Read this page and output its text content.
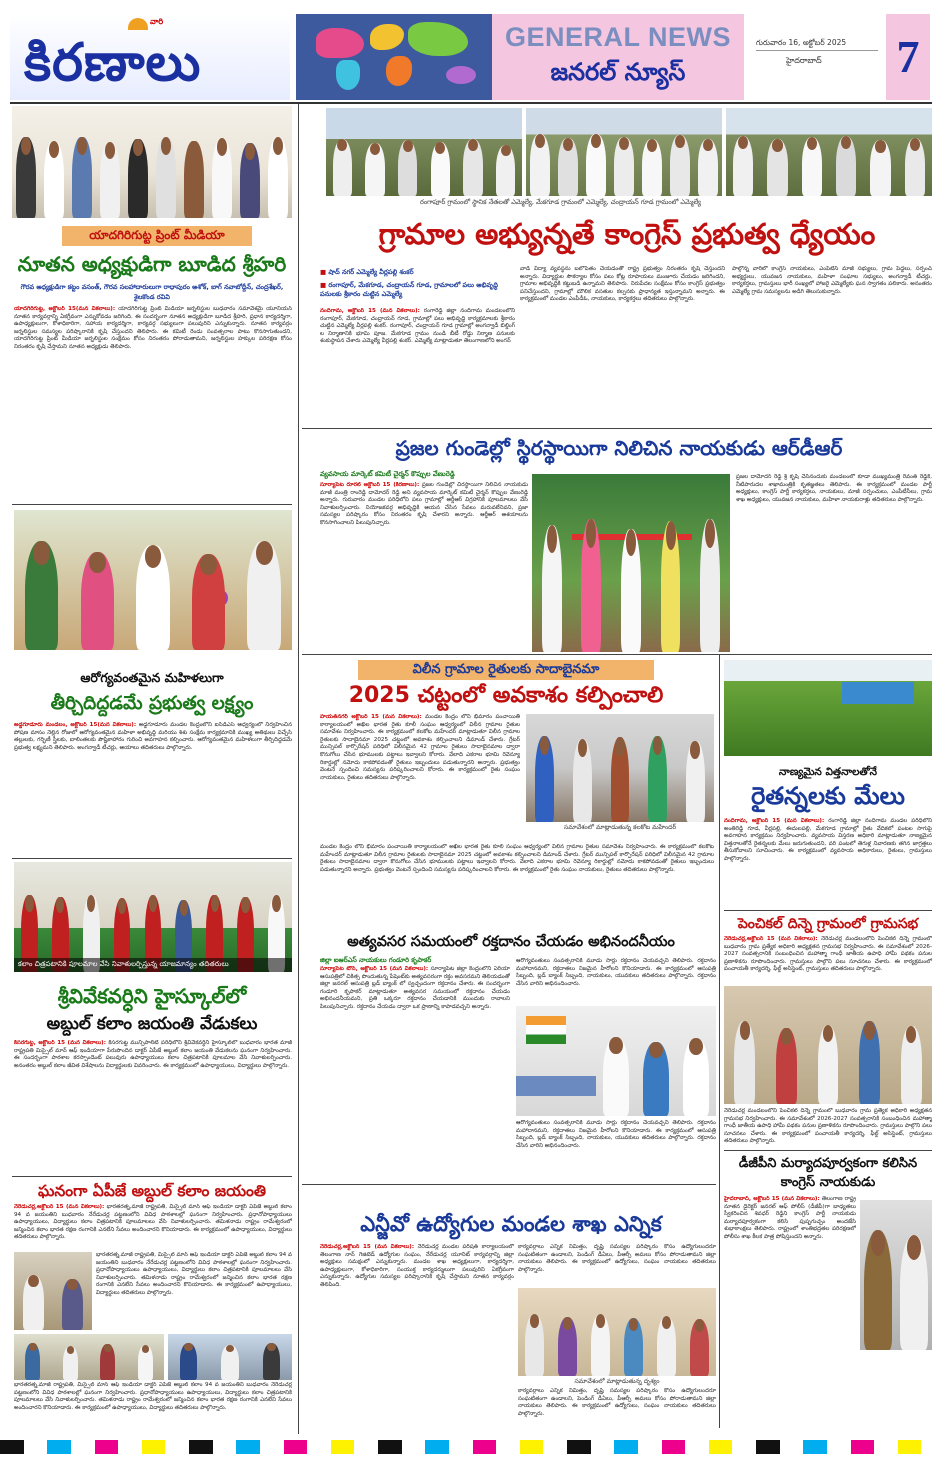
వారి
కిరణాలు	GENERAL NEWS
జనరల్ న్యూస్
గురువారం 16, అక్టోబర్ 2025
హైదరాబాద్ 7
రంగాపూర్ గ్రామంలో స్థానిక నేతలతో ఎమ్మెల్యే, మేకగూడ గ్రామంలో ఎమ్మెల్యే, చంద్రాయన్ గూడ గ్రామంలో ఎమ్మెల్యే
గ్రామాల అభ్యున్నతే కాంగ్రెస్ ప్రభుత్వ ధ్యేయం
■ షాద్ నగర్ ఎమ్మెల్యే వీర్లపల్లి శంకర్
■ రంగాపూర్, మేకగూడ, చంద్రాయన్ గూడ, గ్రామాలలో పలు అభివృద్ధి పనులకు శ్రీకారం చుట్టిన ఎమ్మెల్యే
నందిగామ, అక్టోబర్ 15 (మన వికలాలు): రంగారెడ్డి జిల్లా నందిగామ మండలంలోని రంగాపూర్, మేకగూడ, చంద్రాయన్ గూడ, గ్రామాల్లో పలు అభివృద్ధి కార్యక్రమాలకు శ్రీకారం చుట్టిన ఎమ్మెల్యే వీర్లపల్లి శంకర్. రంగాపూర్, చంద్రాయన్ గూడ గ్రామాల్లో అంగన్వాడీ బిల్డింగ్ ల నిర్మాణానికి భూమి పూజ. మేకగూడ గ్రామం నుండి బీటీ రోడ్డు నిర్మాణ పనులకు శంకుస్థాపన చేశారు ఎమ్మెల్యే వీర్లపల్లి శంకర్. ఎమ్మెల్యే మాట్లాడుతూ తెలంగాణలోని అంగన్
వాడీ విద్యా వ్యవస్థను బలోపేతం చేయడంతో రాష్ట్ర ప్రభుత్వం నిరంతరం కృషి చేస్తుందని అన్నారు. విద్యార్థుల సౌకర్యాల కోసం పలు కోట్ల రూపాయలు మంజూరు చేయడం జరిగిందని, గ్రామాల అభివృద్ధికి కట్టుబడి ఉన్నామని తెలిపారు. నిరుపేదల సంక్షేమం కోసం కాంగ్రెస్ ప్రభుత్వం పనిచేస్తుందని, గ్రామాల్లో మౌలిక వసతుల కల్పనకు ప్రాధాన్యత ఇస్తున్నామని అన్నారు. ఈ కార్యక్రమంలో మండల ఎంపీడీఓ, నాయకులు, కార్యకర్తలు తదితరులు పాల్గొన్నారు.
పాల్గొన్న వారిలో కాంగ్రెస్ నాయకులు, ఎంపిటిసి మాజీ సభ్యులు, గ్రామ పెద్దలు, సర్పంచ్ అభ్యర్థులు, యువజన నాయకులు, మహిళా సంఘాల సభ్యులు, అంగన్వాడీ టీచర్లు, కార్యకర్తలు, గ్రామస్తులు భారీ సంఖ్యలో హాజరై ఎమ్మెల్యేకు ఘన స్వాగతం పలికారు. అనంతరం ఎమ్మెల్యే గ్రామ సమస్యలను అడిగి తెలుసుకున్నారు.
ప్రజల గుండెల్లో స్థిరస్థాయిగా నిలిచిన నాయకుడు ఆర్‌డీఆర్
వ్యవసాయ మార్కెట్ కమిటీ చైర్మన్ కొప్పుల వేణురెడ్డి
సూర్యాపేట రూరల్ అక్టోబర్ 15 (కిరణాలు): ప్రజల గుండెల్లో చిరస్థాయిగా నిలిచిన నాయకుడు మాజీ మంత్రి రాంరెడ్డి దామోదర్ రెడ్డి అని వ్యవసాయ మార్కెట్ కమిటీ చైర్మన్ కొప్పుల వేణురెడ్డి అన్నారు. గురువారం మండల పరిధిలోని పలు గ్రామాల్లో ఆర్డీఆర్ విగ్రహానికి పూలమాలలు వేసి నివాళులర్పించారు. నియోజకవర్గ అభివృద్ధికి ఆయన చేసిన సేవలు మరువలేనివని, ప్రజా సమస్యల పరిష్కారం కోసం నిరంతరం కృషి చేశారని అన్నారు. ఆర్డీఆర్ ఆశయాలను కొనసాగించాలని పిలుపునిచ్చారు.
ప్రజల దామోదర్ రెడ్డి శ్రీ కృషి చేసినందుకు మండలంలో కూడా ముఖ్యమంత్రి రేవంత్ రెడ్డికి, నీటిపారుదల శాఖామంత్రికి కృతజ్ఞతలు తెలిపారు. ఈ కార్యక్రమంలో మండల పార్టీ అధ్యక్షులు, కాంగ్రెస్ పార్టీ కార్యకర్తలు, నాయకులు, మాజీ సర్పంచులు, ఎంపీటీసీలు, గ్రామ శాఖ అధ్యక్షులు, యువజన నాయకులు, మహిళా నాయకురాళ్లు తదితరులు పాల్గొన్నారు.
విలీన గ్రామాల రైతులకు సాదాబైనమా
2025 చట్టంలో అవకాశం కల్పించాలి
హయత్‌నగర్ అక్టోబర్ 15 (మన వికలాలు): మండల కేంద్రం లోని భీమారం పంచాయితీ కార్యాలయంలో అఖిల భారత రైతు కూలీ సంఘం ఆధ్వర్యంలో విలీన గ్రామాల రైతుల సమావేశం నిర్వహించారు. ఈ కార్యక్రమంలో కలకోట మహేందర్ మాట్లాడుతూ విలీన గ్రామాల రైతులకు సాదాబైనమా 2025 చట్టంలో అవకాశం కల్పించాలని డిమాండ్ చేశారు. గ్రేటర్ మున్సిపల్ కార్పొరేషన్ పరిధిలో విలీనమైన 42 గ్రామాల రైతులు సాదాబైనమాల ద్వారా కొనుగోలు చేసిన భూములకు పట్టాలు ఇవ్వాలని కోరారు. వేలాది ఎకరాల భూమి రెవెన్యూ రికార్డుల్లో నమోదు కాకపోవడంతో రైతులు ఇబ్బందులు పడుతున్నారని అన్నారు. ప్రభుత్వం వెంటనే స్పందించి సమస్యను పరిష్కరించాలని కోరారు. ఈ కార్యక్రమంలో రైతు సంఘం నాయకులు, రైతులు తదితరులు పాల్గొన్నారు.
సమావేశంలో మాట్లాడుతున్న కలకోట మహేందర్
మండల కేంద్రం లోని భీమారం పంచాయితీ కార్యాలయంలో అఖిల భారత రైతు కూలీ సంఘం ఆధ్వర్యంలో విలీన గ్రామాల రైతుల సమావేశం నిర్వహించారు. ఈ కార్యక్రమంలో కలకోట మహేందర్ మాట్లాడుతూ విలీన గ్రామాల రైతులకు సాదాబైనమా 2025 చట్టంలో అవకాశం కల్పించాలని డిమాండ్ చేశారు. గ్రేటర్ మున్సిపల్ కార్పొరేషన్ పరిధిలో విలీనమైన 42 గ్రామాల రైతులు సాదాబైనమాల ద్వారా కొనుగోలు చేసిన భూములకు పట్టాలు ఇవ్వాలని కోరారు. వేలాది ఎకరాల భూమి రెవెన్యూ రికార్డుల్లో నమోదు కాకపోవడంతో రైతులు ఇబ్బందులు పడుతున్నారని అన్నారు. ప్రభుత్వం వెంటనే స్పందించి సమస్యను పరిష్కరించాలని కోరారు. ఈ కార్యక్రమంలో రైతు సంఘం నాయకులు, రైతులు తదితరులు పాల్గొన్నారు.
నాణ్యమైన విత్తనాలతోనే
రైతన్నలకు మేలు
నందిగామ, అక్టోబర్ 15 (మన వికలాలు): రంగారెడ్డి జిల్లా నందిగామ మండల పరిధిలోని అంతిరెడ్డి గూడ, వీర్లపల్లి, ఈదులపల్లి, మేకగూడ గ్రామాల్లో రైతు వేదికలో పంటల సాగుపై అవగాహన కార్యక్రమం నిర్వహించారు. వ్యవసాయ విస్తరణ అధికారి మాట్లాడుతూ నాణ్యమైన విత్తనాలతోనే రైతన్నలకు మేలు జరుగుతుందని, వరి పంటలో తెగుళ్ల నివారణకు తగిన జాగ్రత్తలు తీసుకోవాలని సూచించారు. ఈ కార్యక్రమంలో వ్యవసాయ అధికారులు, రైతులు, గ్రామస్తులు పాల్గొన్నారు.
పెంచికల్ దిన్నె గ్రామంలో గ్రామసభ
నేరేడుచర్ల,అక్టోబర్ 15 (మన వికలాలు): నేరేడుచర్ల మండలంలోని పెంచికల్ దిన్నె గ్రామంలో బుధవారం గ్రామ ప్రత్యేక అధికారి అధ్యక్షతన గ్రామసభ నిర్వహించారు. ఈ సమావేశంలో 2026-2027 సంవత్సరానికి సంబంధించిన మహాత్మా గాంధీ జాతీయ ఉపాధి హామీ పథకం పనుల ప్రణాళికను రూపొందించారు. గ్రామస్తులు పాల్గొని పలు సూచనలు చేశారు. ఈ కార్యక్రమంలో పంచాయతీ కార్యదర్శి, ఫీల్డ్ అసిస్టెంట్, గ్రామస్తులు తదితరులు పాల్గొన్నారు.
నేరేడుచర్ల మండలంలోని పెంచికల్ దిన్నె గ్రామంలో బుధవారం గ్రామ ప్రత్యేక అధికారి అధ్యక్షతన గ్రామసభ నిర్వహించారు. ఈ సమావేశంలో 2026-2027 సంవత్సరానికి సంబంధించిన మహాత్మా గాంధీ జాతీయ ఉపాధి హామీ పథకం పనుల ప్రణాళికను రూపొందించారు. గ్రామస్తులు పాల్గొని పలు సూచనలు చేశారు. ఈ కార్యక్రమంలో పంచాయతీ కార్యదర్శి, ఫీల్డ్ అసిస్టెంట్, గ్రామస్తులు తదితరులు పాల్గొన్నారు.
డీజీపీని మర్యాదపూర్వకంగా కలిసిన కాంగ్రెస్ నాయకుడు
హైదరాబాద్, అక్టోబర్ 15 (మన వికలాలు): తెలంగాణ రాష్ట్ర నూతన డైరెక్టర్ జనరల్ ఆఫ్ పోలీస్ (డీజీపీ)గా బాధ్యతలు స్వీకరించిన శివధర్ రెడ్డిని కాంగ్రెస్ పార్టీ నాయకుడు మర్యాదపూర్వకంగా కలిసి పుష్పగుచ్ఛం అందజేసి శుభాకాంక్షలు తెలిపారు. రాష్ట్రంలో శాంతిభద్రతల పరిరక్షణలో పోలీసు శాఖ కీలక పాత్ర పోషిస్తుందని అన్నారు.
అత్యవసర సమయంలో రక్తదానం చేయడం అభినందనీయం
జిల్లా ఐఆర్‌ఎస్ నాయకులు గండూరి కృపాకర్
సూర్యాపేట టౌన్, అక్టోబర్ 15 (మన వికలాలు): సూర్యాపేట జిల్లా కేంద్రంలోని ఏరియా ఆసుపత్రిలో చికిత్స పొందుతున్న పేషెంట్‌కు అత్యవసరంగా రక్తం అవసరమని తెలియడంతో జిల్లా జనరల్ ఆసుపత్రి బ్లడ్ బ్యాంక్ లో స్వచ్ఛందంగా రక్తదానం చేశారు. ఈ సందర్భంగా గండూరి కృపాకర్ మాట్లాడుతూ అత్యవసర సమయంలో రక్తదానం చేయడం అభినందనీయమని, ప్రతి ఒక్కరూ రక్తదానం చేయడానికి ముందుకు రావాలని పిలుపునిచ్చారు. రక్తదానం చేయడం ద్వారా ఒక ప్రాణాన్ని కాపాడవచ్చని అన్నారు.
ఆరోగ్యవంతులు సంవత్సరానికి మూడు సార్లు రక్తదానం చేయవచ్చని తెలిపారు. రక్తదానం మహాదానమని, రక్తదాతలు నిజమైన హీరోలని కొనియాడారు. ఈ కార్యక్రమంలో ఆసుపత్రి సిబ్బంది, బ్లడ్ బ్యాంక్ సిబ్బంది, నాయకులు, యువకులు తదితరులు పాల్గొన్నారు. రక్తదానం చేసిన వారిని అభినందించారు.
ఆరోగ్యవంతులు సంవత్సరానికి మూడు సార్లు రక్తదానం చేయవచ్చని తెలిపారు. రక్తదానం మహాదానమని, రక్తదాతలు నిజమైన హీరోలని కొనియాడారు. ఈ కార్యక్రమంలో ఆసుపత్రి సిబ్బంది, బ్లడ్ బ్యాంక్ సిబ్బంది, నాయకులు, యువకులు తదితరులు పాల్గొన్నారు. రక్తదానం చేసిన వారిని అభినందించారు.
ఎన్జీవో ఉద్యోగుల మండల శాఖ ఎన్నిక
నేరేడుచర్ల,అక్టోబర్ 15 (మన వికలాలు): నేరేడుచర్ల మండల పరిషత్ కార్యాలయంలో తెలంగాణ నాన్ గెజిటెడ్ ఉద్యోగుల సంఘం, నేరేడుచర్ల యూనిట్ కార్యవర్గాన్ని జిల్లా అధ్యక్షులు సమక్షంలో ఎన్నుకున్నారు. మండల శాఖ అధ్యక్షులుగా, కార్యదర్శిగా, ఉపాధ్యక్షులుగా, కోశాధికారిగా, సంయుక్త కార్యదర్శులుగా పలువురిని ఏకగ్రీవంగా ఎన్నుకున్నారు. ఉద్యోగుల సమస్యల పరిష్కారానికి కృషి చేస్తామని నూతన కార్యవర్గం తెలిపింది.
కార్యవర్గాలు ఎన్నిక నిమిత్తం, దృష్టి సమస్యల పరిష్కారం కోసం ఉద్యోగులందరూ సంఘటితంగా ఉండాలని, పెండింగ్ డీఏలు, పీఆర్సీ అమలు కోసం పోరాడుతామని జిల్లా నాయకులు తెలిపారు. ఈ కార్యక్రమంలో ఉద్యోగులు, సంఘం నాయకులు తదితరులు పాల్గొన్నారు.
సమావేశంలో మాట్లాడుతున్న దృశ్యం
కార్యవర్గాలు ఎన్నిక నిమిత్తం, దృష్టి సమస్యల పరిష్కారం కోసం ఉద్యోగులందరూ సంఘటితంగా ఉండాలని, పెండింగ్ డీఏలు, పీఆర్సీ అమలు కోసం పోరాడుతామని జిల్లా నాయకులు తెలిపారు. ఈ కార్యక్రమంలో ఉద్యోగులు, సంఘం నాయకులు తదితరులు పాల్గొన్నారు.
యాదగిరిగుట్ట ప్రింట్ మీడియా
నూతన అధ్యక్షుడిగా బూడిద శ్రీహరి
గౌరవ అధ్యక్షుడిగా కట్టం వసంత్, గౌరవ సలహాదారులుగా రాధాపురం అశోక్, బాగ్ నవాబోద్దీన్, చంద్రశేఖర్, శైలకొండ రవివి
యాదగిరిగుట్ట, అక్టోబర్ 15(మన వికలాలు): యాదగిరిగుట్ట ప్రింట్ మీడియా జర్నలిస్టుల బుధవారం సమావేశమై యూనియన్ నూతన కార్యవర్గాన్ని ఏకగ్రీవంగా ఎన్నుకోవడం జరిగింది. ఈ సందర్భంగా నూతన అధ్యక్షుడిగా బూడిద శ్రీహరి, ప్రధాన కార్యదర్శిగా, ఉపాధ్యక్షులుగా, కోశాధికారిగా, సహాయ కార్యదర్శిగా, కార్యవర్గ సభ్యులుగా పలువురిని ఎన్నుకున్నారు. నూతన కార్యవర్గం జర్నలిస్టుల సమస్యల పరిష్కారానికి కృషి చేస్తుందని తెలిపారు. ఈ కమిటీ రెండు సంవత్సరాల పాటు కొనసాగుతుందని, యాదగిరిగుట్ట ప్రింట్ మీడియా జర్నలిస్టుల సంక్షేమం కోసం నిరంతరం పోరాడుతామని, జర్నలిస్టుల హక్కుల పరిరక్షణ కోసం నిరంతరం కృషి చేస్తామని నూతన అధ్యక్షుడు తెలిపారు.
ఆరోగ్యవంతమైన మహిళలుగా
తీర్చిదిద్దడమే ప్రభుత్వ లక్ష్యం
అడ్డగూడూరు మండలం, అక్టోబర్ 15(మన వికలాలు): అడ్డగూడూరు మండల కేంద్రంలోని ఐసీడీఎస్ ఆధ్వర్యంలో నిర్వహించిన పోషణ మాసం నెల్లిన రోజులో ఆరోగ్యవంతమైన మహిళా అభివృద్ధి మరియు శిశు సంక్షేమ కార్యక్రమానికి ముఖ్య అతిథులు విచ్చేసి తల్లులకు, గర్భిణీ స్త్రీలకు, బాలింతలకు పౌష్టికాహారం గురించి అవగాహన కల్పించారు. ఆరోగ్యవంతమైన మహిళలుగా తీర్చిదిద్దడమే ప్రభుత్వ లక్ష్యమని తెలిపారు. అంగన్వాడీ టీచర్లు, ఆయాలు తదితరులు పాల్గొన్నారు.
కలాం చిత్రపటానికి పూలమాల వేసి నివాళులర్పిస్తున్న యాజమాన్యం తదితరులు
శ్రీవివేకవర్ధిని హైస్కూల్‌లో
అబ్దుల్ కలాం జయంతి వేడుకలు
కీసరగుట్ట, అక్టోబర్ 15 (మన వికలాలు): కీసరగుట్ట మున్సిపాలిటీ పరిధిలోని శ్రీవివేకవర్ధిని హైస్కూల్‌లో బుధవారం భారత మాజీ రాష్ట్రపతి మిస్సైల్ మాన్ ఆఫ్ ఇండియాగా పేరుపొందిన డాక్టర్ ఏపీజే అబ్దుల్ కలాం జయంతి వేడుకలను ఘనంగా నిర్వహించారు. ఈ సందర్భంగా పాఠశాల కరస్పాండెంట్ పలువురు ఉపాధ్యాయులు కలాం చిత్రపటానికి పూలమాల వేసి నివాళులర్పించారు. అనంతరం అబ్దుల్ కలాం జీవిత విశేషాలను విద్యార్థులకు వివరించారు. ఈ కార్యక్రమంలో ఉపాధ్యాయులు, విద్యార్థులు పాల్గొన్నారు.
ఘనంగా ఏపీజే అబ్దుల్ కలాం జయంతి
నేరేడుచర్ల,అక్టోబర్ 15 (మన వికలాలు): భారతరత్న,మాజీ రాష్ట్రపతి, మిస్సైల్ మాన్ ఆఫ్ ఇండియా డాక్టర్ ఏపీజే అబ్దుల్ కలాం 94 వ జయంతిని బుధవారం నేరేడుచర్ల పట్టణంలోని వివిధ పాఠశాలల్లో ఘనంగా నిర్వహించారు. ప్రధానోపాధ్యాయులు ఉపాధ్యాయులు, విద్యార్థులు కలాం చిత్రపటానికి పూలమాలలు వేసి నివాళులర్పించారు. తమిళనాడు రాష్ట్రం రామేశ్వరంలో జన్మించిన కలాం భారత రక్షణ రంగానికి ఎనలేని సేవలు అందించారని కొనియాడారు. ఈ కార్యక్రమంలో ఉపాధ్యాయులు, విద్యార్థులు తదితరులు పాల్గొన్నారు.
భారతరత్న,మాజీ రాష్ట్రపతి, మిస్సైల్ మాన్ ఆఫ్ ఇండియా డాక్టర్ ఏపీజే అబ్దుల్ కలాం 94 వ జయంతిని బుధవారం నేరేడుచర్ల పట్టణంలోని వివిధ పాఠశాలల్లో ఘనంగా నిర్వహించారు. ప్రధానోపాధ్యాయులు ఉపాధ్యాయులు, విద్యార్థులు కలాం చిత్రపటానికి పూలమాలలు వేసి నివాళులర్పించారు. తమిళనాడు రాష్ట్రం రామేశ్వరంలో జన్మించిన కలాం భారత రక్షణ రంగానికి ఎనలేని సేవలు అందించారని కొనియాడారు. ఈ కార్యక్రమంలో ఉపాధ్యాయులు, విద్యార్థులు తదితరులు పాల్గొన్నారు.
భారతరత్న,మాజీ రాష్ట్రపతి, మిస్సైల్ మాన్ ఆఫ్ ఇండియా డాక్టర్ ఏపీజే అబ్దుల్ కలాం 94 వ జయంతిని బుధవారం నేరేడుచర్ల పట్టణంలోని వివిధ పాఠశాలల్లో ఘనంగా నిర్వహించారు. ప్రధానోపాధ్యాయులు ఉపాధ్యాయులు, విద్యార్థులు కలాం చిత్రపటానికి పూలమాలలు వేసి నివాళులర్పించారు. తమిళనాడు రాష్ట్రం రామేశ్వరంలో జన్మించిన కలాం భారత రక్షణ రంగానికి ఎనలేని సేవలు అందించారని కొనియాడారు. ఈ కార్యక్రమంలో ఉపాధ్యాయులు, విద్యార్థులు తదితరులు పాల్గొన్నారు.
